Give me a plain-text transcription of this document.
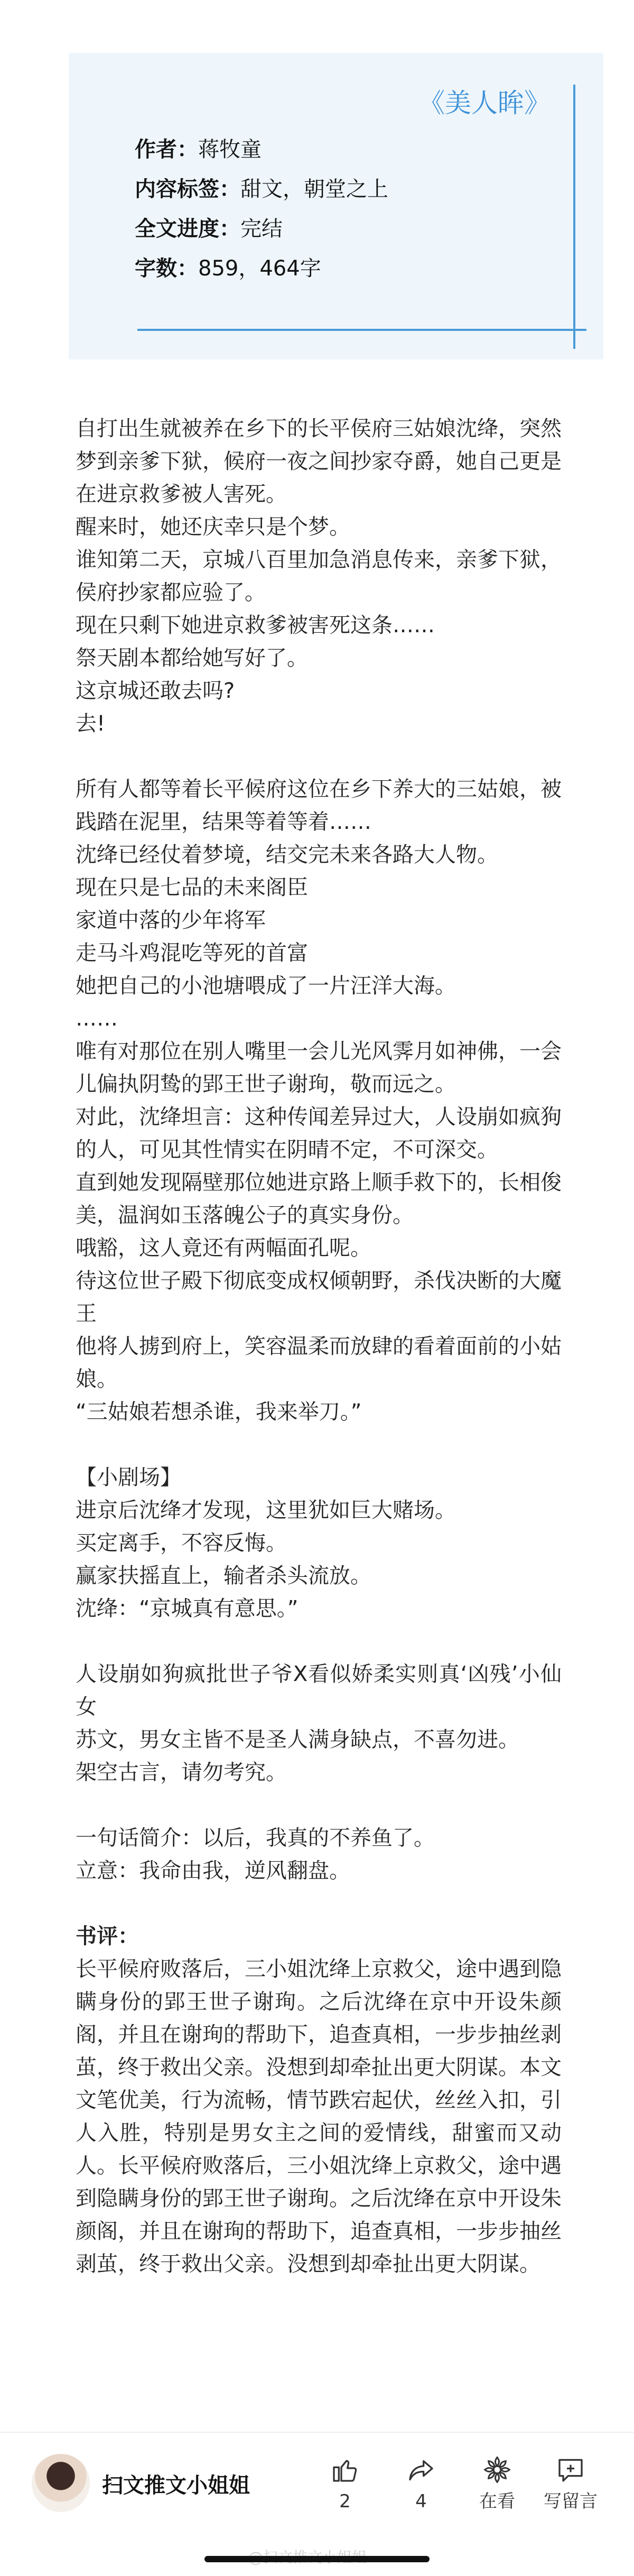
《美人眸》
作者：蒋牧童
内容标签：甜文，朝堂之上
全文进度：完结
字数：859，464字

自打出生就被养在乡下的长平侯府三姑娘沈绛，突然梦到亲爹下狱，候府一夜之间抄家夺爵，她自己更是在进京救爹被人害死。

醒来时，她还庆幸只是个梦。

谁知第二天，京城八百里加急消息传来，亲爹下狱，侯府抄家都应验了。

现在只剩下她进京救爹被害死这条……

祭天剧本都给她写好了。

这京城还敢去吗?

去!

所有人都等着长平候府这位在乡下养大的三姑娘，被践踏在泥里，结果等着等着……

沈绛已经仗着梦境，结交完未来各路大人物。

现在只是七品的未来阁臣

家道中落的少年将军

走马斗鸡混吃等死的首富

她把自己的小池塘喂成了一片汪洋大海。

……

唯有对那位在别人嘴里一会儿光风霁月如神佛，一会儿偏执阴鸷的郢王世子谢珣，敬而远之。

对此，沈绛坦言：这种传闻差异过大，人设崩如疯狗的人，可见其性情实在阴晴不定，不可深交。

直到她发现隔壁那位她进京路上顺手救下的，长相俊美，温润如玉落魄公子的真实身份。

哦豁，这人竟还有两幅面孔呢。

待这位世子殿下彻底变成权倾朝野，杀伐决断的大魔王

他将人掳到府上，笑容温柔而放肆的看着面前的小姑娘。

“三姑娘若想杀谁，我来举刀。”

【小剧场】

进京后沈绛才发现，这里犹如巨大赌场。

买定离手，不容反悔。

赢家扶摇直上，输者杀头流放。

沈绛：“京城真有意思。”

人设崩如狗疯批世子爷X看似娇柔实则真‘凶残’小仙女

苏文，男女主皆不是圣人满身缺点，不喜勿进。

架空古言，请勿考究。

一句话简介：以后，我真的不养鱼了。

立意：我命由我，逆风翻盘。

书评：

长平候府败落后，三小姐沈绛上京救父，途中遇到隐瞒身份的郢王世子谢珣。之后沈绛在京中开设朱颜阁，并且在谢珣的帮助下，追查真相，一步步抽丝剥茧，终于救出父亲。没想到却牵扯出更大阴谋。本文文笔优美，行为流畅，情节跌宕起伏，丝丝入扣，引人入胜，特别是男女主之间的爱情线，甜蜜而又动人。长平候府败落后，三小姐沈绛上京救父，途中遇到隐瞒身份的郢王世子谢珣。之后沈绛在京中开设朱颜阁，并且在谢珣的帮助下，追查真相，一步步抽丝剥茧，终于救出父亲。没想到却牵扯出更大阴谋。

扫文推文小姐姐
2	4	在看	写留言
